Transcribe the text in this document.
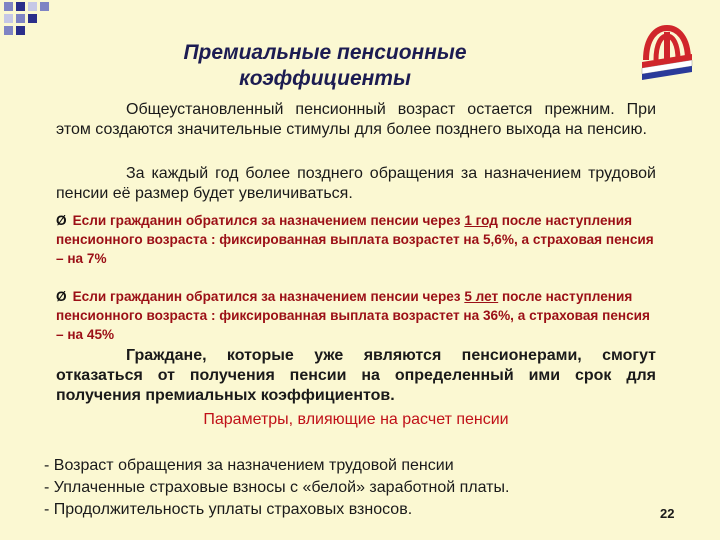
Премиальные пенсионные
коэффициенты
Общеустановленный пенсионный возраст остается прежним. При этом создаются значительные стимулы для более позднего выхода на пенсию.
За каждый год более позднего обращения за назначением трудовой пенсии её размер будет увеличиваться.
Ø Если гражданин обратился за назначением пенсии через 1 год после наступления пенсионного возраста : фиксированная выплата возрастет на 5,6%, а страховая пенсия – на 7%
Ø Если гражданин обратился за назначением пенсии через 5 лет после наступления пенсионного возраста : фиксированная выплата возрастет на 36%, а страховая пенсия – на 45%
Граждане, которые уже являются пенсионерами, смогут отказаться от получения пенсии на определенный ими срок для получения премиальных коэффициентов.
Параметры, влияющие на расчет пенсии
- Возраст обращения за назначением трудовой пенсии
- Уплаченные страховые взносы с «белой» заработной платы.
- Продолжительность уплаты страховых взносов.	22
